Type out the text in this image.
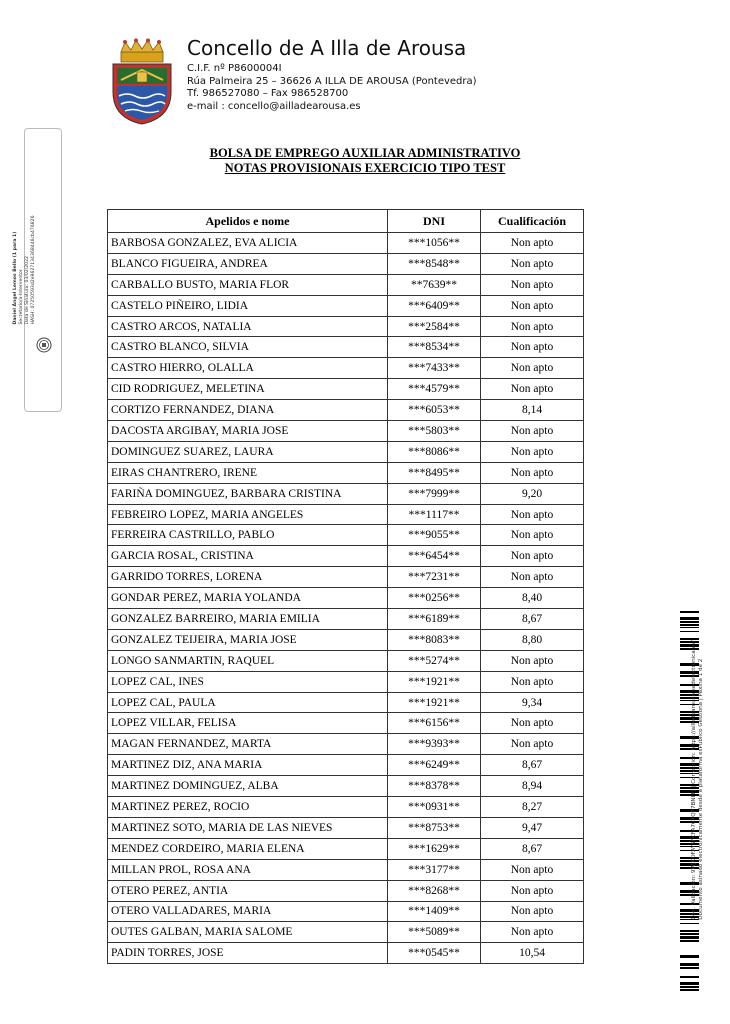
Concello de A Illa de Arousa
C.I.F. nº P8600004I
Rúa Palmeira 25 – 36626 A ILLA DE AROUSA (Pontevedra)
Tf. 986527080 – Fax 986528700
e-mail : concello@ailladearousa.es
BOLSA DE EMPREGO AUXILIAR ADMINISTRATIVO
NOTAS PROVISIONAIS EXERCICIO TIPO TEST
Apelidos e nome	DNI	Cualificación
BARBOSA GONZALEZ, EVA ALICIA	***1056**	Non apto
BLANCO FIGUEIRA, ANDREA	***8548**	Non apto
CARBALLO BUSTO, MARIA FLOR	**7639**	Non apto
CASTELO PIÑEIRO, LIDIA	***6409**	Non apto
CASTRO ARCOS, NATALIA	***2584**	Non apto
CASTRO BLANCO, SILVIA	***8534**	Non apto
CASTRO HIERRO, OLALLA	***7433**	Non apto
CID RODRIGUEZ, MELETINA	***4579**	Non apto
CORTIZO FERNANDEZ, DIANA	***6053**	8,14
DACOSTA ARGIBAY, MARIA JOSE	***5803**	Non apto
DOMINGUEZ SUAREZ, LAURA	***8086**	Non apto
EIRAS CHANTRERO, IRENE	***8495**	Non apto
FARIÑA DOMINGUEZ, BARBARA CRISTINA	***7999**	9,20
FEBREIRO LOPEZ, MARIA ANGELES	***1117**	Non apto
FERREIRA CASTRILLO, PABLO	***9055**	Non apto
GARCIA ROSAL, CRISTINA	***6454**	Non apto
GARRIDO TORRES, LORENA	***7231**	Non apto
GONDAR PEREZ, MARIA YOLANDA	***0256**	8,40
GONZALEZ BARREIRO, MARIA EMILIA	***6189**	8,67
GONZALEZ TEIJEIRA, MARIA JOSE	***8083**	8,80
LONGO SANMARTIN, RAQUEL	***5274**	Non apto
LOPEZ CAL, INES	***1921**	Non apto
LOPEZ CAL, PAULA	***1921**	9,34
LOPEZ VILLAR, FELISA	***6156**	Non apto
MAGAN FERNANDEZ, MARTA	***9393**	Non apto
MARTINEZ DIZ, ANA MARIA	***6249**	8,67
MARTINEZ DOMINGUEZ, ALBA	***8378**	8,94
MARTINEZ PEREZ, ROCIO	***0931**	8,27
MARTINEZ SOTO, MARIA DE LAS NIEVES	***8753**	9,47
MENDEZ CORDEIRO, MARIA ELENA	***1629**	8,67
MILLAN PROL, ROSA ANA	***3177**	Non apto
OTERO PEREZ, ANTIA	***8268**	Non apto
OTERO VALLADARES, MARIA	***1409**	Non apto
OUTES GALBAN, MARIA SALOME	***5089**	Non apto
PADIN TORRES, JOSE	***0545**	10,54
Daniel Ángel Lemos Bello (1 para 1) Secretario/a-Interventor Data de Sinatura: 03/02/2022 HASH: 07250593d2e9627134368446cb476826
Cod. Validación: 9WJKDFAY5FCFA7CTQP7BNFFJ | Corrección: https://ailladearousa.sedelectronica.es/ Documento asinado electrónicamente desde a plataforma esPublico Gestiona | Páxina 1 de 2
